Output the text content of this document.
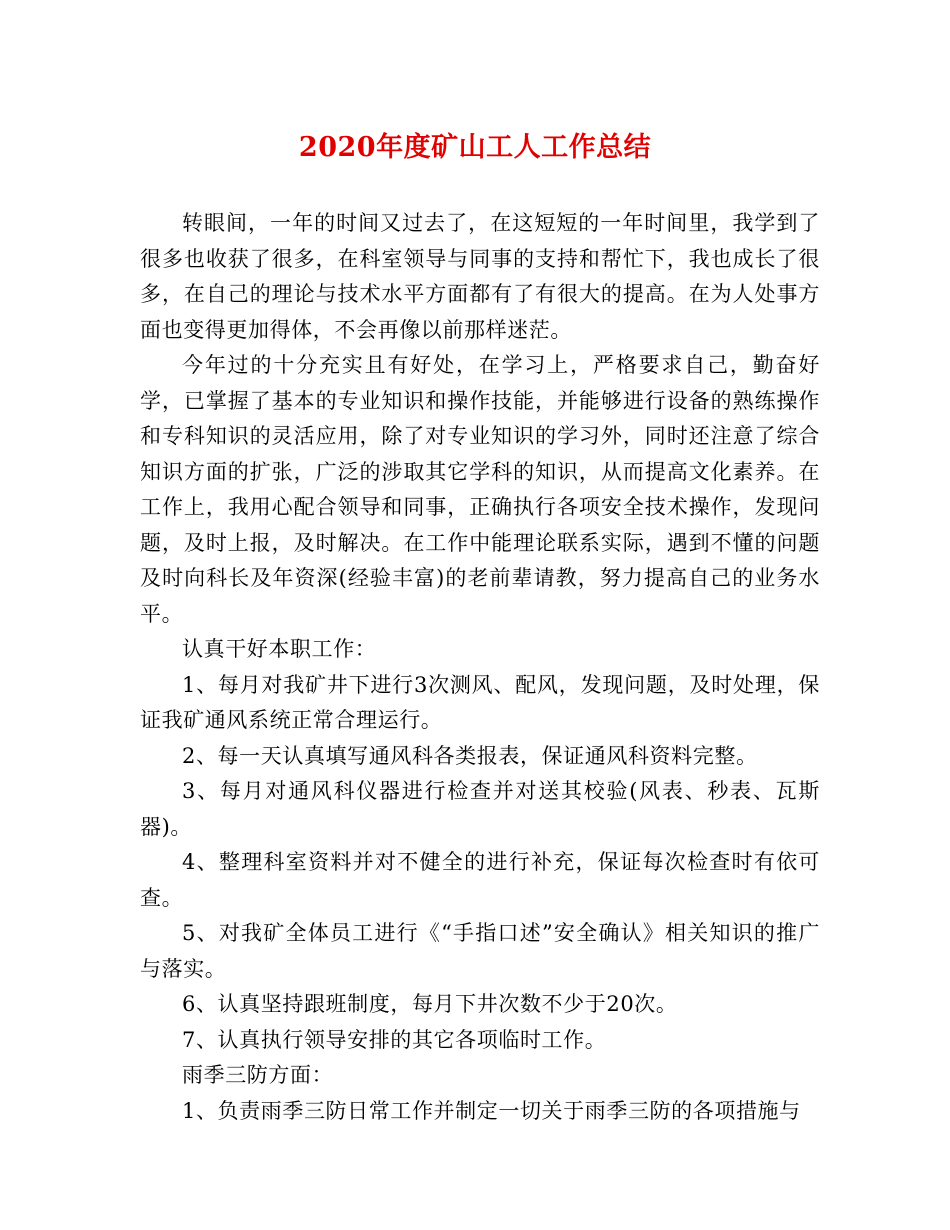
2020年度矿山工人工作总结

转眼间，一年的时间又过去了，在这短短的一年时间里，我学到了很多也收获了很多，在科室领导与同事的支持和帮忙下，我也成长了很多，在自己的理论与技术水平方面都有了有很大的提高。在为人处事方面也变得更加得体，不会再像以前那样迷茫。

今年过的十分充实且有好处，在学习上，严格要求自己，勤奋好学，已掌握了基本的专业知识和操作技能，并能够进行设备的熟练操作和专科知识的灵活应用，除了对专业知识的学习外，同时还注意了综合知识方面的扩张，广泛的涉取其它学科的知识，从而提高文化素养。在工作上，我用心配合领导和同事，正确执行各项安全技术操作，发现问题，及时上报，及时解决。在工作中能理论联系实际，遇到不懂的问题及时向科长及年资深(经验丰富)的老前辈请教，努力提高自己的业务水平。

认真干好本职工作：

1、每月对我矿井下进行3次测风、配风，发现问题，及时处理，保证我矿通风系统正常合理运行。

2、每一天认真填写通风科各类报表，保证通风科资料完整。

3、每月对通风科仪器进行检查并对送其校验(风表、秒表、瓦斯器)。

4、整理科室资料并对不健全的进行补充，保证每次检查时有依可查。

5、对我矿全体员工进行《“手指口述”安全确认》相关知识的推广与落实。

6、认真坚持跟班制度，每月下井次数不少于20次。

7、认真执行领导安排的其它各项临时工作。

雨季三防方面：

1、负责雨季三防日常工作并制定一切关于雨季三防的各项措施与
